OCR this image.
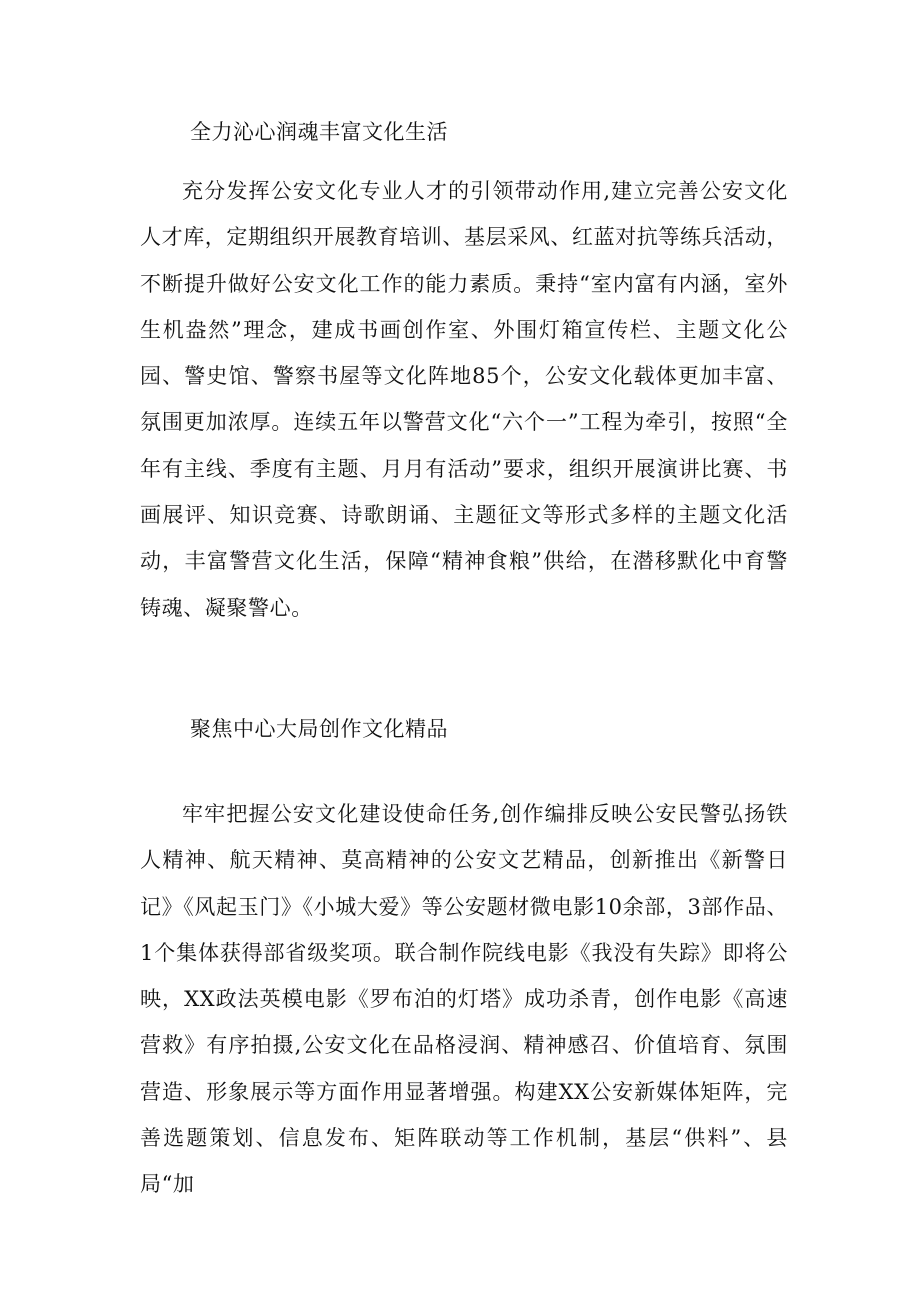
全力沁心润魂丰富文化生活

充分发挥公安文化专业人才的引领带动作用,建立完善公安文化人才库，定期组织开展教育培训、基层采风、红蓝对抗等练兵活动，不断提升做好公安文化工作的能力素质。秉持“室内富有内涵，室外生机盎然”理念，建成书画创作室、外围灯箱宣传栏、主题文化公园、警史馆、警察书屋等文化阵地85个，公安文化载体更加丰富、氛围更加浓厚。连续五年以警营文化“六个一”工程为牵引，按照“全年有主线、季度有主题、月月有活动”要求，组织开展演讲比赛、书画展评、知识竞赛、诗歌朗诵、主题征文等形式多样的主题文化活动，丰富警营文化生活，保障“精神食粮”供给，在潜移默化中育警铸魂、凝聚警心。

聚焦中心大局创作文化精品

牢牢把握公安文化建设使命任务,创作编排反映公安民警弘扬铁人精神、航天精神、莫高精神的公安文艺精品，创新推出《新警日记》《风起玉门》《小城大爱》等公安题材微电影10余部，3部作品、1个集体获得部省级奖项。联合制作院线电影《我没有失踪》即将公映，XX政法英模电影《罗布泊的灯塔》成功杀青，创作电影《高速营救》有序拍摄,公安文化在品格浸润、精神感召、价值培育、氛围营造、形象展示等方面作用显著增强。构建XX公安新媒体矩阵，完善选题策划、信息发布、矩阵联动等工作机制，基层“供料”、县局“加
